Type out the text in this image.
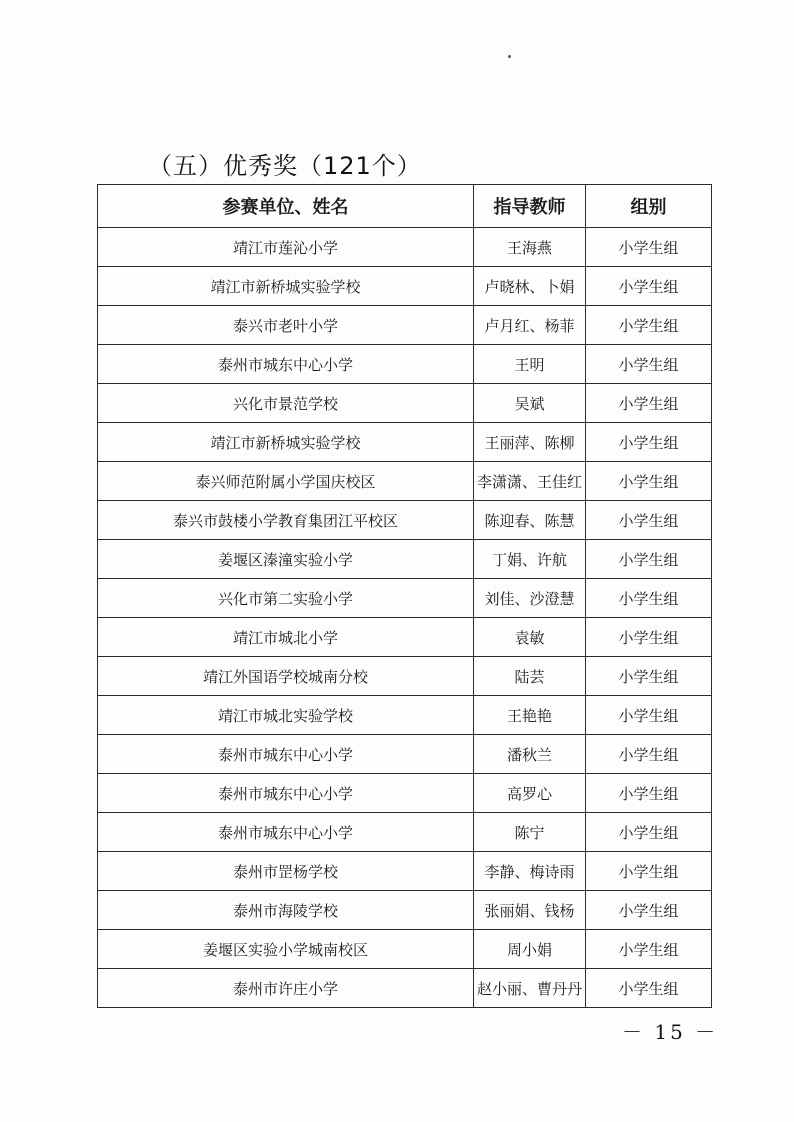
（五）优秀奖（121个）
参赛单位、姓名	指导教师	组别
靖江市莲沁小学	王海燕	小学生组
靖江市新桥城实验学校	卢晓林、卜娟	小学生组
泰兴市老叶小学	卢月红、杨菲	小学生组
泰州市城东中心小学	王明	小学生组
兴化市景范学校	吴斌	小学生组
靖江市新桥城实验学校	王丽萍、陈柳	小学生组
泰兴师范附属小学国庆校区	李潇潇、王佳红	小学生组
泰兴市鼓楼小学教育集团江平校区	陈迎春、陈慧	小学生组
姜堰区溱潼实验小学	丁娟、许航	小学生组
兴化市第二实验小学	刘佳、沙澄慧	小学生组
靖江市城北小学	袁敏	小学生组
靖江外国语学校城南分校	陆芸	小学生组
靖江市城北实验学校	王艳艳	小学生组
泰州市城东中心小学	潘秋兰	小学生组
泰州市城东中心小学	高罗心	小学生组
泰州市城东中心小学	陈宁	小学生组
泰州市罡杨学校	李静、梅诗雨	小学生组
泰州市海陵学校	张丽娟、钱杨	小学生组
姜堰区实验小学城南校区	周小娟	小学生组
泰州市许庄小学	赵小丽、曹丹丹	小学生组
－ 15 －
